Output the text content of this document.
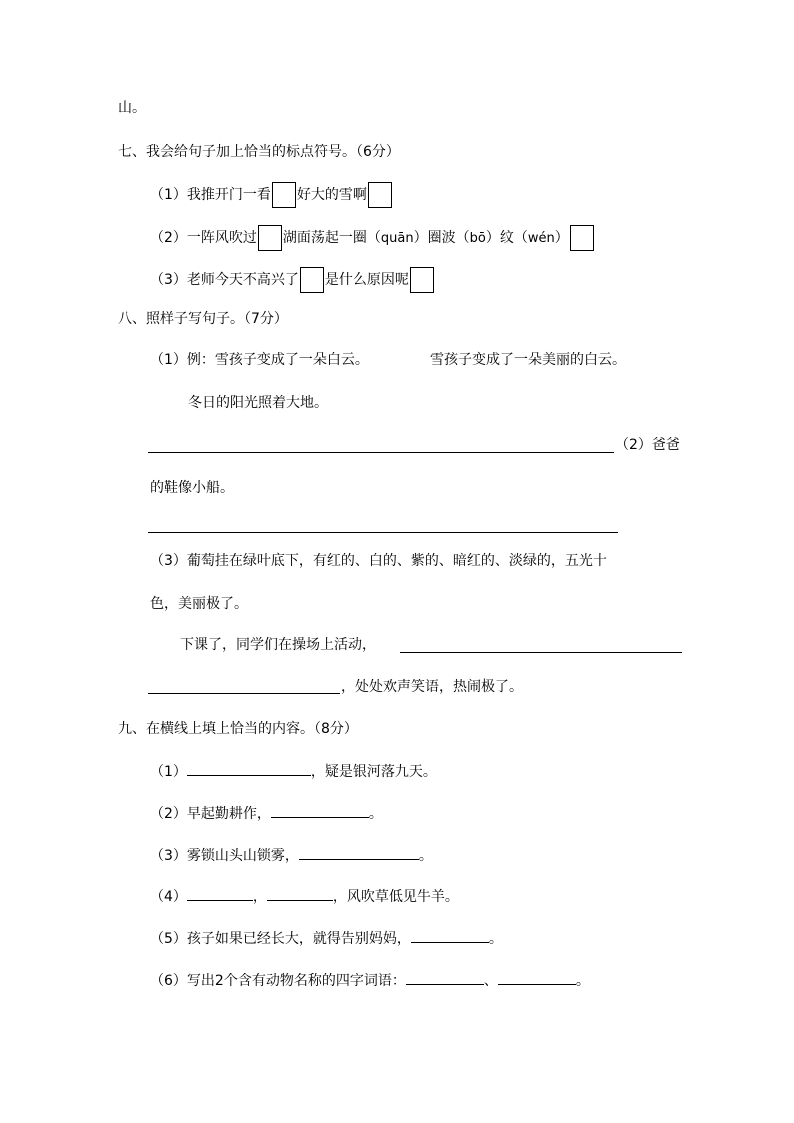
山。
七、我会给句子加上恰当的标点符号。（6分）
（1）我推开门一看 好大的雪啊
（2）一阵风吹过 湖面荡起一圈（quān）圈波（bō）纹（wén）
（3）老师今天不高兴了 是什么原因呢
八、照样子写句子。（7分）
（1）例：雪孩子变成了一朵白云。	雪孩子变成了一朵美丽的白云。
冬日的阳光照着大地。
（2）爸爸
的鞋像小船。
（3）葡萄挂在绿叶底下，有红的、白的、紫的、暗红的、淡绿的，五光十
色，美丽极了。
下课了，同学们在操场上活动，
，处处欢声笑语，热闹极了。
九、在横线上填上恰当的内容。（8分）
（1）	，疑是银河落九天。
（2）早起勤耕作，	。
（3）雾锁山头山锁雾，	。
（4）	，	，风吹草低见牛羊。
（5）孩子如果已经长大，就得告别妈妈，	。
（6）写出2个含有动物名称的四字词语：	、	。
